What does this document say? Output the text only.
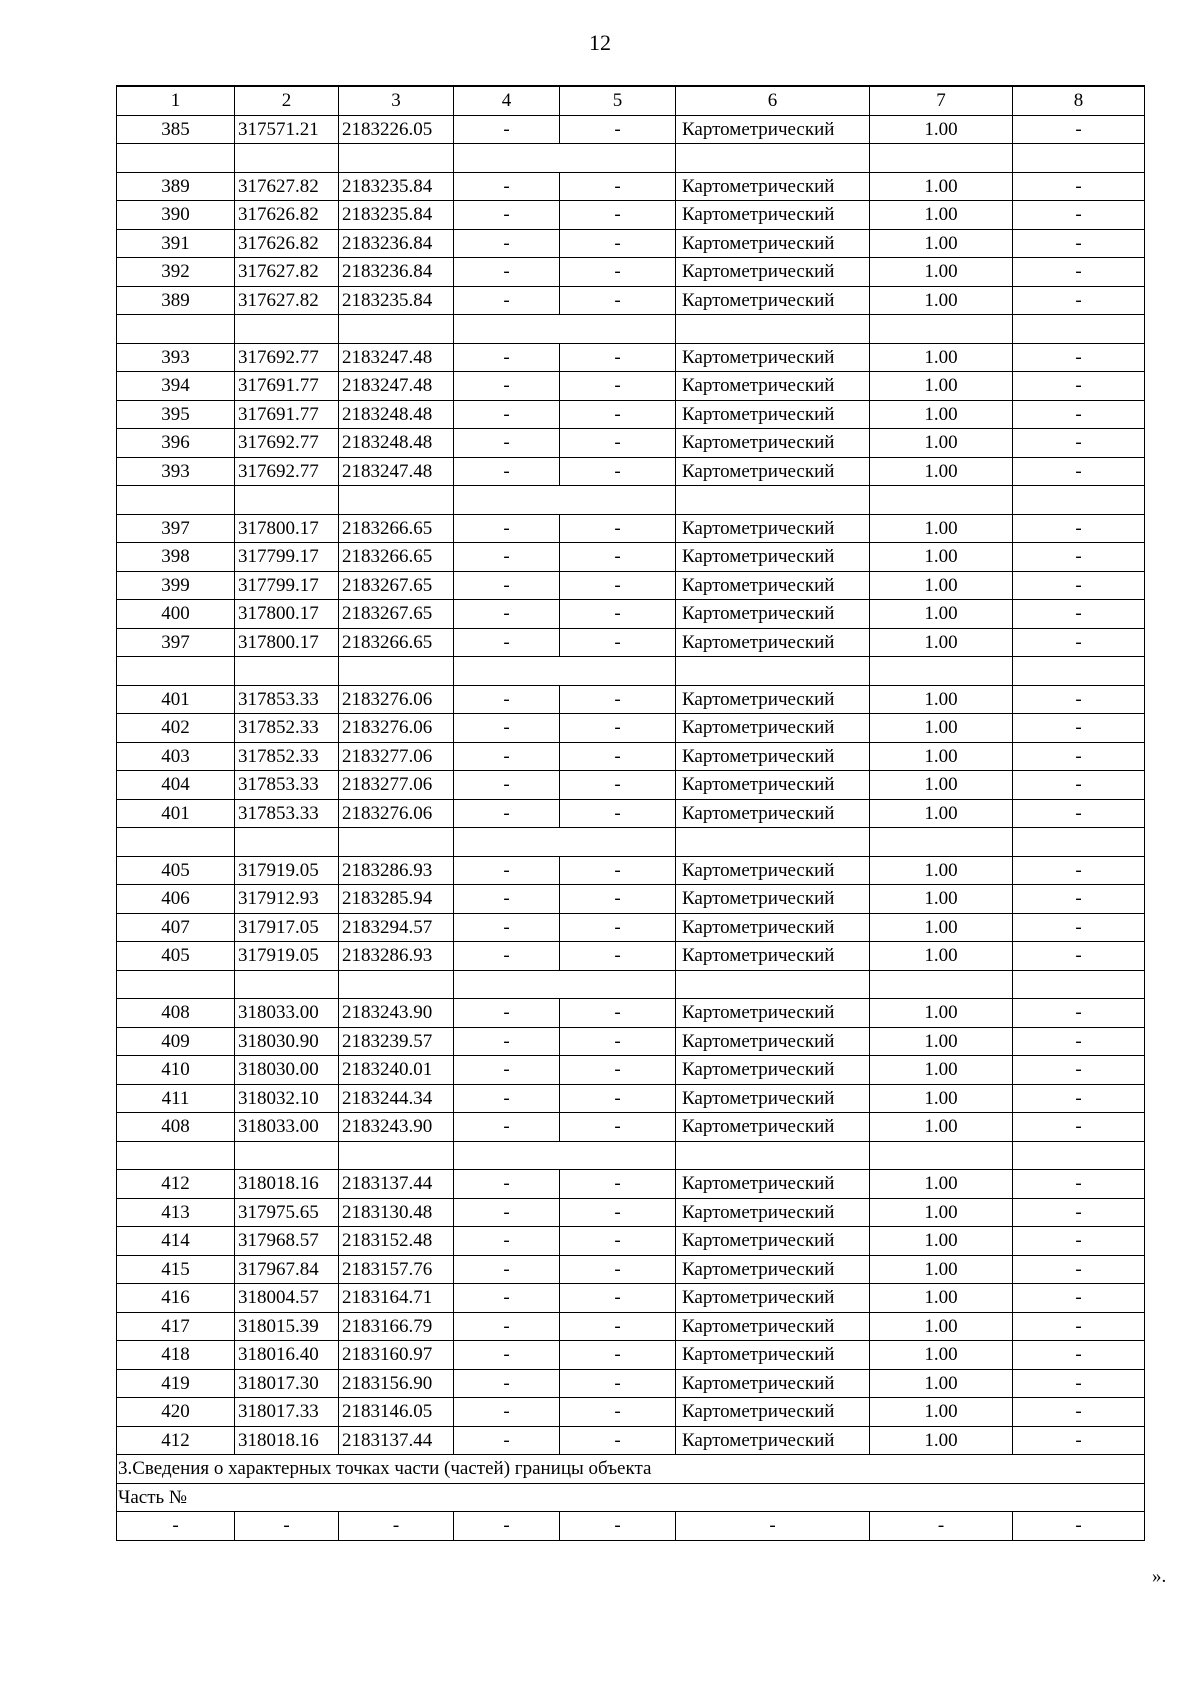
12
1	2	3	4	5	6	7	8
385	317571.21	2183226.05	-	-	Картометрический	1.00	-

389	317627.82	2183235.84	-	-	Картометрический	1.00	-
390	317626.82	2183235.84	-	-	Картометрический	1.00	-
391	317626.82	2183236.84	-	-	Картометрический	1.00	-
392	317627.82	2183236.84	-	-	Картометрический	1.00	-
389	317627.82	2183235.84	-	-	Картометрический	1.00	-

393	317692.77	2183247.48	-	-	Картометрический	1.00	-
394	317691.77	2183247.48	-	-	Картометрический	1.00	-
395	317691.77	2183248.48	-	-	Картометрический	1.00	-
396	317692.77	2183248.48	-	-	Картометрический	1.00	-
393	317692.77	2183247.48	-	-	Картометрический	1.00	-

397	317800.17	2183266.65	-	-	Картометрический	1.00	-
398	317799.17	2183266.65	-	-	Картометрический	1.00	-
399	317799.17	2183267.65	-	-	Картометрический	1.00	-
400	317800.17	2183267.65	-	-	Картометрический	1.00	-
397	317800.17	2183266.65	-	-	Картометрический	1.00	-

401	317853.33	2183276.06	-	-	Картометрический	1.00	-
402	317852.33	2183276.06	-	-	Картометрический	1.00	-
403	317852.33	2183277.06	-	-	Картометрический	1.00	-
404	317853.33	2183277.06	-	-	Картометрический	1.00	-
401	317853.33	2183276.06	-	-	Картометрический	1.00	-

405	317919.05	2183286.93	-	-	Картометрический	1.00	-
406	317912.93	2183285.94	-	-	Картометрический	1.00	-
407	317917.05	2183294.57	-	-	Картометрический	1.00	-
405	317919.05	2183286.93	-	-	Картометрический	1.00	-

408	318033.00	2183243.90	-	-	Картометрический	1.00	-
409	318030.90	2183239.57	-	-	Картометрический	1.00	-
410	318030.00	2183240.01	-	-	Картометрический	1.00	-
411	318032.10	2183244.34	-	-	Картометрический	1.00	-
408	318033.00	2183243.90	-	-	Картометрический	1.00	-

412	318018.16	2183137.44	-	-	Картометрический	1.00	-
413	317975.65	2183130.48	-	-	Картометрический	1.00	-
414	317968.57	2183152.48	-	-	Картометрический	1.00	-
415	317967.84	2183157.76	-	-	Картометрический	1.00	-
416	318004.57	2183164.71	-	-	Картометрический	1.00	-
417	318015.39	2183166.79	-	-	Картометрический	1.00	-
418	318016.40	2183160.97	-	-	Картометрический	1.00	-
419	318017.30	2183156.90	-	-	Картометрический	1.00	-
420	318017.33	2183146.05	-	-	Картометрический	1.00	-
412	318018.16	2183137.44	-	-	Картометрический	1.00	-
3.Сведения о характерных точках части (частей) границы объекта							
Часть №							
-	-	-	-	-	-	-	-
».
